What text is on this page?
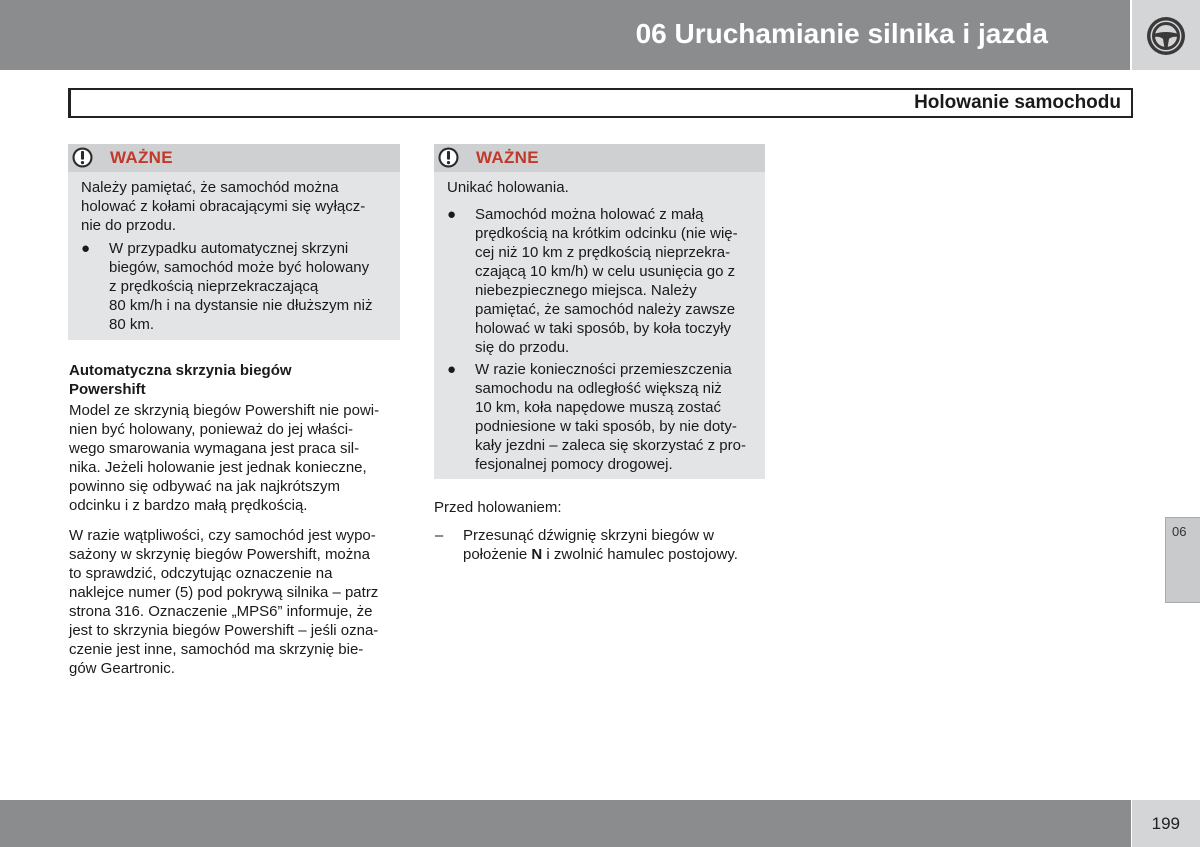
06 Uruchamianie silnika i jazda
Holowanie samochodu
WAŻNE
Należy pamiętać, że samochód można
holować z kołami obracającymi się wyłącz-
nie do przodu.
● W przypadku automatycznej skrzyni
biegów, samochód może być holowany
z prędkością nieprzekraczającą
80 km/h i na dystansie nie dłuższym niż
80 km.
Automatyczna skrzynia biegów
Powershift
Model ze skrzynią biegów Powershift nie powi-
nien być holowany, ponieważ do jej właści-
wego smarowania wymagana jest praca sil-
nika. Jeżeli holowanie jest jednak konieczne,
powinno się odbywać na jak najkrótszym
odcinku i z bardzo małą prędkością.
W razie wątpliwości, czy samochód jest wypo-
sażony w skrzynię biegów Powershift, można
to sprawdzić, odczytując oznaczenie na
naklejce numer (5) pod pokrywą silnika – patrz
strona 316. Oznaczenie „MPS6” informuje, że
jest to skrzynia biegów Powershift – jeśli ozna-
czenie jest inne, samochód ma skrzynię bie-
gów Geartronic.
WAŻNE
Unikać holowania.
● Samochód można holować z małą
prędkością na krótkim odcinku (nie wię-
cej niż 10 km z prędkością nieprzekra-
czającą 10 km/h) w celu usunięcia go z
niebezpiecznego miejsca. Należy
pamiętać, że samochód należy zawsze
holować w taki sposób, by koła toczyły
się do przodu.
● W razie konieczności przemieszczenia
samochodu na odległość większą niż
10 km, koła napędowe muszą zostać
podniesione w taki sposób, by nie doty-
kały jezdni – zaleca się skorzystać z pro-
fesjonalnej pomocy drogowej.
Przed holowaniem:
– Przesunąć dźwignię skrzyni biegów w
położenie N i zwolnić hamulec postojowy.
06
199
